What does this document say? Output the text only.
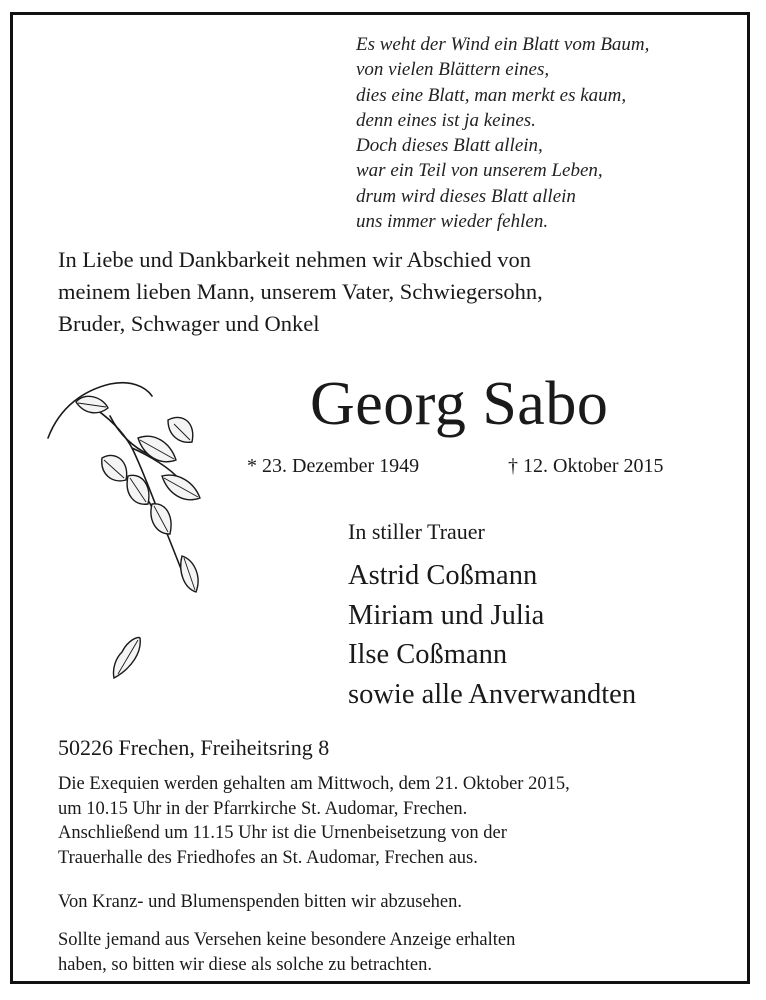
Es weht der Wind ein Blatt vom Baum,
von vielen Blättern eines,
dies eine Blatt, man merkt es kaum,
denn eines ist ja keines.
Doch dieses Blatt allein,
war ein Teil von unserem Leben,
drum wird dieses Blatt allein
uns immer wieder fehlen.
In Liebe und Dankbarkeit nehmen wir Abschied von
meinem lieben Mann, unserem Vater, Schwiegersohn,
Bruder, Schwager und Onkel
Georg Sabo
* 23. Dezember 1949	† 12. Oktober 2015
In stiller Trauer
Astrid Coßmann
Miriam und Julia
Ilse Coßmann
sowie alle Anverwandten
50226 Frechen, Freiheitsring 8
Die Exequien werden gehalten am Mittwoch, dem 21. Oktober 2015,
um 10.15 Uhr in der Pfarrkirche St. Audomar, Frechen.
Anschließend um 11.15 Uhr ist die Urnenbeisetzung von der
Trauerhalle des Friedhofes an St. Audomar, Frechen aus.
Von Kranz- und Blumenspenden bitten wir abzusehen.
Sollte jemand aus Versehen keine besondere Anzeige erhalten
haben, so bitten wir diese als solche zu betrachten.
